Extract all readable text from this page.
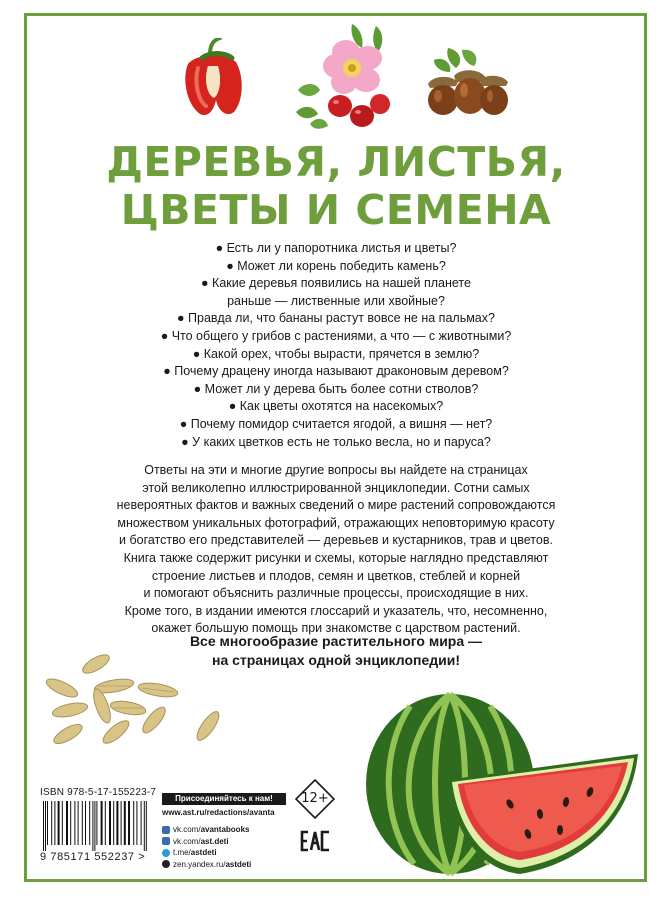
ДЕРЕВЬЯ, ЛИСТЬЯ,
ЦВЕТЫ И СЕМЕНА
● Есть ли у папоротника листья и цветы?
● Может ли корень победить камень?
● Какие деревья появились на нашей планете
раньше — лиственные или хвойные?
● Правда ли, что бананы растут вовсе не на пальмах?
● Что общего у грибов с растениями, а что — с животными?
● Какой орех, чтобы вырасти, прячется в землю?
● Почему драцену иногда называют драконовым деревом?
● Может ли у дерева быть более сотни стволов?
● Как цветы охотятся на насекомых?
● Почему помидор считается ягодой, а вишня — нет?
● У каких цветков есть не только весла, но и паруса?
Ответы на эти и многие другие вопросы вы найдете на страницах
этой великолепно иллюстрированной энциклопедии. Сотни самых
невероятных фактов и важных сведений о мире растений сопровождаются
множеством уникальных фотографий, отражающих неповторимую красоту
и богатство его представителей — деревьев и кустарников, трав и цветов.
Книга также содержит рисунки и схемы, которые наглядно представляют
строение листьев и плодов, семян и цветков, стеблей и корней
и помогают объяснить различные процессы, происходящие в них.
Кроме того, в издании имеются глоссарий и указатель, что, несомненно,
окажет большую помощь при знакомстве с царством растений.
Все многообразие растительного мира —
на страницах одной энциклопедии!
ISBN 978-5-17-155223-7
9 785171 552237 >
Присоединяйтесь к нам!
www.ast.ru/redactions/avanta
vk.com/ avantabooks
vk.com/ ast.deti
t.me/ astdeti
zen.yandex.ru/ astdeti
12+
